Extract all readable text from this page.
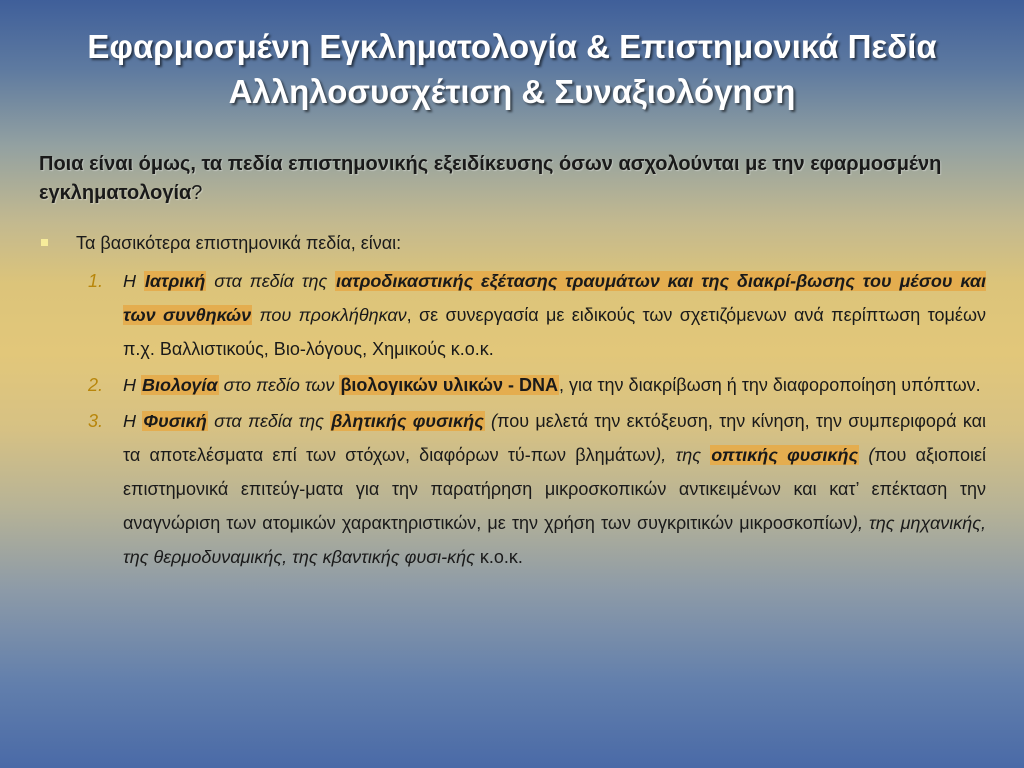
Εφαρμοσμένη Εγκληματολογία & Επιστημονικά Πεδία
Αλληλοσυσχέτιση & Συναξιολόγηση
Ποια είναι όμως, τα πεδία επιστημονικής εξειδίκευσης όσων ασχολούνται με την εφαρμοσμένη εγκληματολογία?
Τα βασικότερα επιστημονικά πεδία, είναι:
1. Η Ιατρική στα πεδία της ιατροδικαστικής εξέτασης τραυμάτων και της διακρί-βωσης του μέσου και των συνθηκών που προκλήθηκαν, σε συνεργασία με ειδικούς των σχετιζόμενων ανά περίπτωση τομέων π.χ. Βαλλιστικούς, Βιο-λόγους, Χημικούς κ.ο.κ.
2. Η Βιολογία στο πεδίο των βιολογικών υλικών - DNA, για την διακρίβωση ή την διαφοροποίηση υπόπτων.
3. Η Φυσική στα πεδία της βλητικής φυσικής (που μελετά την εκτόξευση, την κίνηση, την συμπεριφορά και τα αποτελέσματα επί των στόχων, διαφόρων τύ-πων βλημάτων), της οπτικής φυσικής (που αξιοποιεί επιστημονικά επιτεύγ-ματα για την παρατήρηση μικροσκοπικών αντικειμένων και κατ’ επέκταση την αναγνώριση των ατομικών χαρακτηριστικών, με την χρήση των συγκριτικών μικροσκοπίων), της μηχανικής, της θερμοδυναμικής, της κβαντικής φυσι-κής κ.ο.κ.
